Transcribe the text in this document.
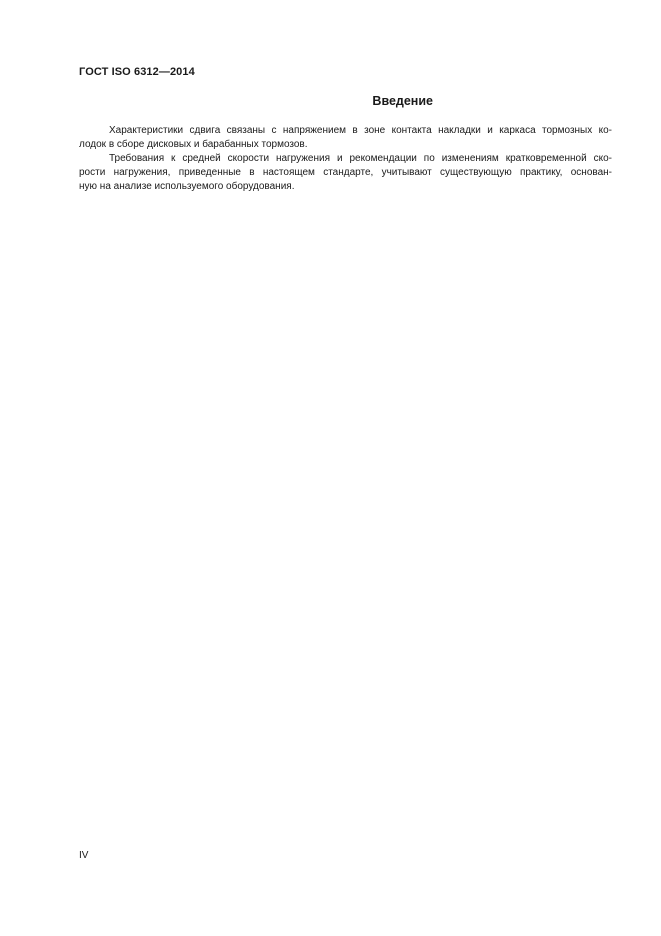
ГОСТ ISO 6312—2014
Введение
Характеристики сдвига связаны с напряжением в зоне контакта накладки и каркаса тормозных ко-
лодок в сборе дисковых и барабанных тормозов.
Требования к средней скорости нагружения и рекомендации по изменениям кратковременной ско-
рости нагружения, приведенные в настоящем стандарте, учитывают существующую практику, основан-
ную на анализе используемого оборудования.
IV
